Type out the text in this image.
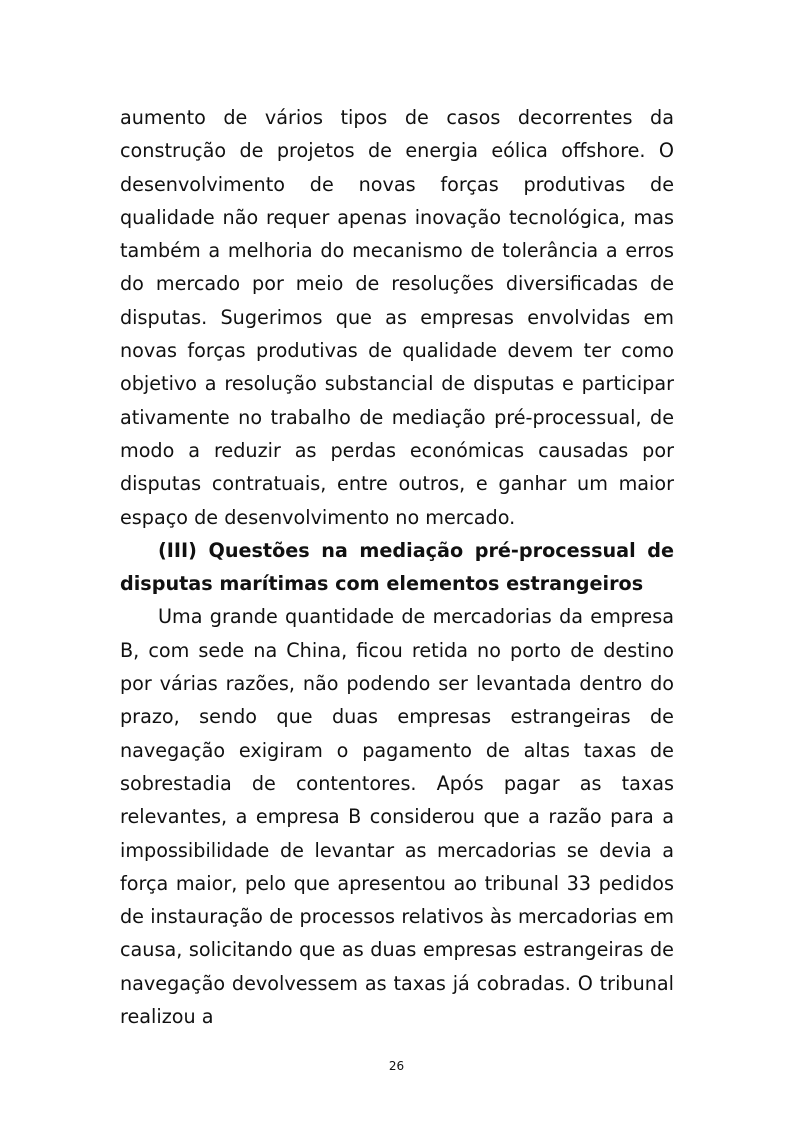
aumento de vários tipos de casos decorrentes da construção de projetos de energia eólica offshore. O desenvolvimento de novas forças produtivas de qualidade não requer apenas inovação tecnológica, mas também a melhoria do mecanismo de tolerância a erros do mercado por meio de resoluções diversificadas de disputas. Sugerimos que as empresas envolvidas em novas forças produtivas de qualidade devem ter como objetivo a resolução substancial de disputas e participar ativamente no trabalho de mediação pré-processual, de modo a reduzir as perdas económicas causadas por disputas contratuais, entre outros, e ganhar um maior espaço de desenvolvimento no mercado.

(III) Questões na mediação pré-processual de disputas marítimas com elementos estrangeiros

Uma grande quantidade de mercadorias da empresa B, com sede na China, ficou retida no porto de destino por várias razões, não podendo ser levantada dentro do prazo, sendo que duas empresas estrangeiras de navegação exigiram o pagamento de altas taxas de sobrestadia de contentores. Após pagar as taxas relevantes, a empresa B considerou que a razão para a impossibilidade de levantar as mercadorias se devia a força maior, pelo que apresentou ao tribunal 33 pedidos de instauração de processos relativos às mercadorias em causa, solicitando que as duas empresas estrangeiras de navegação devolvessem as taxas já cobradas. O tribunal realizou a

26
